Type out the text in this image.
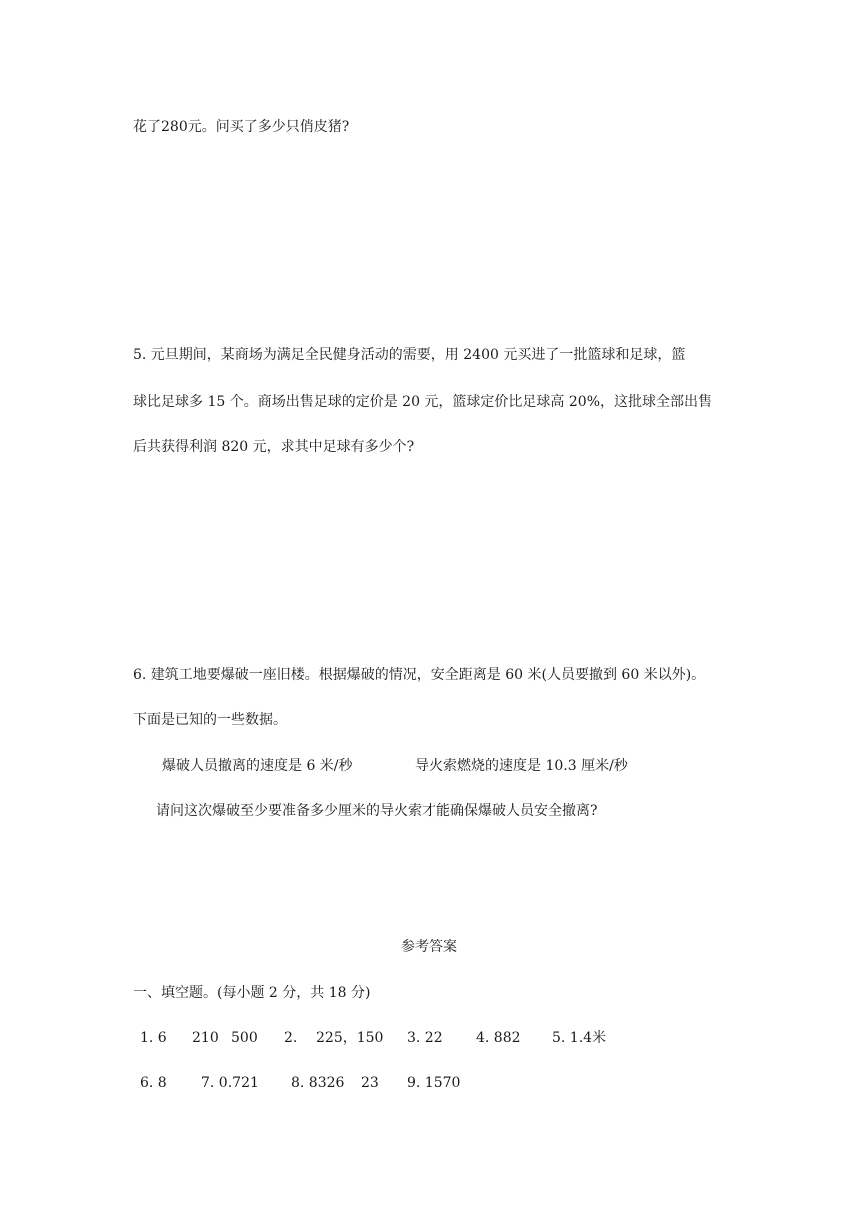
花了280元。问买了多少只俏皮猪?
5. 元旦期间，某商场为满足全民健身活动的需要，用 2400 元买进了一批篮球和足球，篮
球比足球多 15 个。商场出售足球的定价是 20 元，篮球定价比足球高 20%，这批球全部出售
后共获得利润 820 元，求其中足球有多少个?
6. 建筑工地要爆破一座旧楼。根据爆破的情况，安全距离是 60 米(人员要撤到 60 米以外)。
下面是已知的一些数据。
爆破人员撤离的速度是 6 米/秒	导火索燃烧的速度是 10.3 厘米/秒
请问这次爆破至少要准备多少厘米的导火索才能确保爆破人员安全撤离?
参考答案
一、填空题。(每小题 2 分，共 18 分)
1. 6 210 500 2. 225，150 3. 22 4. 882 5. 1.4米
6. 8 7. 0.721 8. 8326 23 9. 1570
